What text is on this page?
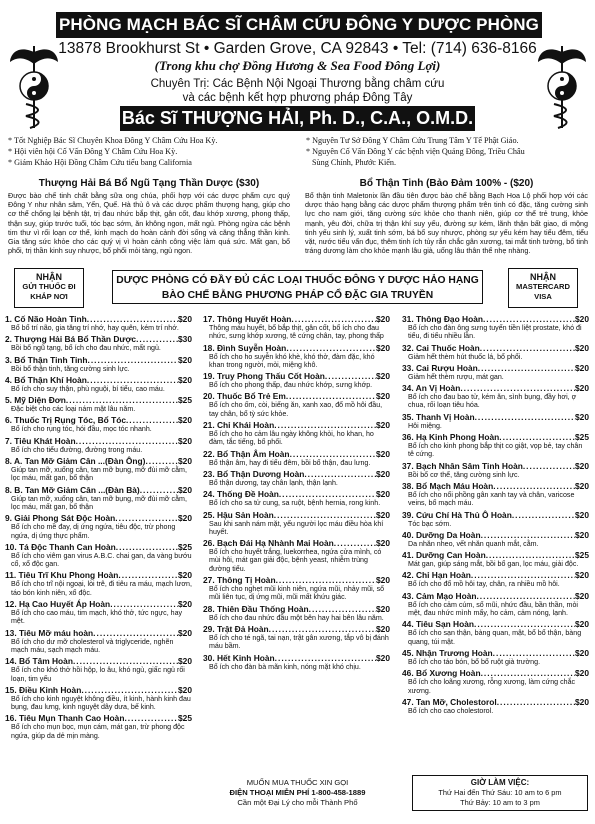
PHÒNG MẠCH BÁC SĨ CHÂM CỨU ĐÔNG Y DƯỢC PHÒNG
13878 Brookhurst St • Garden Grove, CA 92843 • Tel: (714) 636-8166
(Trong khu chợ Đồng Hương & Sea Food Đông Lợi)
Chuyên Trị: Các Bệnh Nội Ngoại Thương bằng châm cứu
và các bệnh kết hợp phương pháp Đông Tây
Bác Sĩ THƯỢNG HẢI, Ph. D., C.A., O.M.D.
* Tốt Nghiệp Bác Sĩ Chuyên Khoa Đông Y Châm Cứu Hoa Kỳ.
* Hội viên hội Cố Vấn Đông Y Châm Cứu Hoa Kỳ.
* Giám Khảo Hội Đồng Châm Cứu tiểu bang California
* Nguyên Tư Sở Đông Y Châm Cứu Trung Tâm Y Tế Phật Giáo.
* Nguyên Cố Vấn Đông Y các bệnh viện Quảng Đông, Triều Châu
Sùng Chính, Phước Kiến.
Thượng Hải Bá Bổ Ngũ Tạng Thần Dược ($30)
Được bào chế tinh chất bằng sữa ong chúa, phối hợp với các dược phẩm cực quý Đông Y như nhân sâm, Yến, Quế. Hà thủ ô và các dược phẩm thượng hạng, giúp cho cơ thể chống lại bệnh tật, trị đau nhức bắp thịt, gân cốt, đau khớp xương, phong thấp, thận suy, giúp trước tuổi, tóc bạc sớm, ăn không ngon, mất ngủ. Phòng ngừa các bệnh tim thư vì rối loạn cơ thể, kinh mạch do hoàn cảnh đời sống và căng thẳng thần kinh. Gia tăng sức khỏe cho các quý vị vì hoàn cảnh công việc làm quá sức. Mất gan, bổ phổi, trị thần kinh suy nhược, bổ phổi mỏi tàng, ngủ ngon.
Bổ Thận Tinh (Bảo Đảm 100% - ($20)
Bổ thận tinh Maletonix lần đầu tiên được bào chế bằng Bạch Hoa Lộ phối hợp với các dược thảo hạng bằng các dược phẩm thượng phẩm trên tinh có đặc, tăng cường sinh lực cho nam giới, tăng cường sức khỏe cho thanh niên, giúp cơ thể trẻ trung, khỏe mạnh, yêu đời, chữa trị thận khí suy yếu, đường sự kém, lãnh thận bất giao, di mộng tinh yếu sinh lý, xuất tinh sớm, bá bổ suy nhược, phòng sự yếu kém hay tiểu đêm, tiểu vặt, nước tiểu vẩn đục, thêm tinh ích tủy rắn chắc gân xương, tai mắt tinh tường, bổ tinh tráng dương làm cho khỏe mạnh lâu già, uống lâu thân thể nhẹ nhàng.
NHẬN
GỬI THUỐC ĐI
KHẮP NƠI
DƯỢC PHÒNG CÓ ĐẦY ĐỦ CÁC LOẠI THUỐC ĐÔNG Y DƯỢC HẢO HẠNG
BÀO CHẾ BẰNG PHƯƠNG PHÁP CỔ ĐẶC GIA TRUYỀN
NHẬN
MASTERCARD
VISA
1. Cố Não Hoàn Tinh .....	$20
Bổ bổ trí não, gia tăng trí nhớ, hay quên, kém trí nhớ.
2. Thượng Hải Bá Bổ Thần Dược .....	$30
Bồi bổ ngũ tạng, bổ ích cho đau nhức, mất ngủ.
3. Bổ Thận Tinh Tinh .....	$20
Bồi bổ thận tinh, tăng cường sinh lực.
4. Bổ Thận Khí Hoàn .....	$20
Bổ ích cho suy thận, phù nguội, bí tiểu, cao máu.
5. Mỹ Diện Đơn .....	$25
Đặc biệt cho các loại nám mặt lâu năm.
6. Thuốc Trị Rụng Tóc, Bổ Tóc .....	$20
Bổ ích cho rụng tóc, hói đầu, mọc tóc nhanh.
7. Tiêu Khát Hoàn .....	$20
Bổ ích cho tiểu đường, đường trong máu.
8. A. Tan Mỡ Giảm Cân ...(Đàn Ông) .....	$20
Giúp tan mỡ, xuống cân, tan mỡ bụng, mỡ đùi mỡ cằm, lọc máu, mất gan, bổ thận
8. B. Tan Mỡ Giảm Cân ...(Đàn Bà) .....	$20
Giúp tan mỡ, xuống cân, tan mỡ bụng, mỡ đùi mỡ cằm, lọc máu, mất gan, bổ thận
9. Giải Phong Sát Độc Hoàn .....	$20
Bổ ích cho mề đay, dị ứng ngứa, tiêu độc, trừ phong ngứa, dị ứng thực phẩm.
10. Tá Độc Thanh Can Hoàn .....	$25
Bổ ích cho viêm gan virus A.B.C. chai gan, da vàng bướu cổ, xổ độc gan.
11. Tiêu Trĩ Khu Phong Hoàn .....	$20
Bổ ích cho trĩ nội ngoại, lòi trê, đi tiêu ra máu, mạch lươn, táo bón kinh niên, xổ độc.
12. Hạ Cao Huyết Áp Hoàn .....	$20
Bổ ích cho cao máu, tim mạch, khó thở, tức ngực, hay mệt.
13. Tiêu Mỡ máu hoàn .....	$20
Bổ ích cho dư mỡ cholesterol và triglyceride, nghẽn mạch máu, sạch mạch máu.
14. Bổ Tâm Hoàn .....	$20
Bổ ích cho khó thở hồi hộp, lo âu, khó ngủ, giấc ngủ rối loạn, tim yếu
15. Điều Kinh Hoàn .....	$20
Bổ ích cho kinh nguyệt không điều, ít kinh, hành kinh đau bụng, đau lưng, kinh nguyệt dây dưa, bế kinh.
16. Tiêu Mụn Thanh Cao Hoàn .....	$25
Bổ ích cho mụn bọc, mụn cám, mát gan, trừ phong độc ngứa, giúp da dẻ mịn màng.
17. Thông Huyết Hoàn .....	$20
Thông máu huyết, bổ bắp thịt, gân cốt, bổ ích cho đau nhức, sưng khớp xương, tê cứng chân, tay, phong thấp
18. Đình Suyễn Hoàn .....	$20
Bổ ích cho ho suyễn khó khè, khó thở, đàm đặc, khó khan trong người, mỏi, miệng khô.
19. Truy Phong Thấu Cốt Hoàn .....	$20
Bổ ích cho phong thấp, đau nhức khớp, sưng khớp.
20. Thuốc Bổ Trẻ Em .....	$20
Bổ ích cho ốm, còi, biếng ăn, xanh xao, đổ mồ hôi đầu, tay chân, bổ tỳ sức khỏe.
21. Chỉ Khái Hoàn .....	$20
Bổ ích cho ho cảm lâu ngày không khỏi, ho khan, ho đàm, tắc tiếng, bổ phổi.
22. Bổ Thận Âm Hoàn .....	$20
Bổ thận âm, hay đi tiểu đêm, bồi bổ thận, đau lưng.
23. Bổ Thận Dương Hoàn .....	$20
Bổ thận dương, tay chân lạnh, thận lạnh.
24. Thống Đề Hoàn .....	$20
Bổ ích cho sa tử cung, sa ruột, bệnh hernia, rong kinh.
25. Hậu Sản Hoàn .....	$20
Sau khi sanh nám mặt, yếu người lọc máu điều hòa khí huyết.
26. Bạch Đái Hạ Nhành Mai Hoàn .....	$20
Bổ ích cho huyết trắng, luekorrhea, ngứa cửa mình, có mùi hôi, mát gan giải độc, bệnh yeast, nhiễm trùng đường tiểu.
27. Thông Tị Hoàn .....	$20
Bổ ích cho nghẹt mũi kinh niên, ngứa mũi, nhảy mũi, sổ mũi liên tục, dị ứng mũi, mũi mất khứu giác.
28. Thiên Đầu Thống Hoàn .....	$20
Bổ ích cho đau nhức đầu một bên hay hai bên lâu năm.
29. Trật Đả Hoàn .....	$20
Bổ ích cho té ngã, tai nạn, trật gân xương, tắp vô bị đánh máu bầm.
30. Hết Kinh Hoàn .....	$20
Bổ ích cho đàn bà mãn kinh, nóng mặt khó chịu.
31. Thông Đạo Hoàn .....	$20
Bổ ích cho đàn ông sưng tuyến tiền liệt prostate, khó đi tiểu, đi tiểu nhiều lần.
32. Cai Thuốc Hoàn .....	$20
Giảm hết thèm hút thuốc lá, bổ phổi.
33. Cai Rượu Hoàn .....	$20
Giảm hết thèm rượu, mát gan.
34. An Vị Hoàn .....	$20
Bổ ích cho đau bao tử, kém ăn, sình bụng, đầy hơi, ợ chua, rối loạn tiêu hóa.
35. Thanh Vị Hoàn .....	$20
Hôi miệng.
36. Hạ Kinh Phong Hoàn .....	$25
Bổ ích cho kinh phong bắp thịt co giật, vọp bẻ, tay chân tê cứng.
37. Bạch Nhân Sâm Tinh Hoàn .....	$20
Bồi bổ cơ thể, tăng cường sinh lực.
38. Bổ Mạch Máu Hoàn .....	$20
Bổ ích cho nổi phồng gân xanh tay và chân, varicose veins, bổ mạch máu.
39. Cứu Chí Hà Thủ Ô Hoàn .....	$20
Tóc bạc sớm.
40. Dưỡng Da Hoàn .....	$20
Da nhăn nheo, vết nhăn quanh mắt, cằm.
41. Dưỡng Can Hoàn .....	$25
Mát gan, giúp sáng mắt, bồi bổ gan, lọc máu, giải độc.
42. Chỉ Hạn Hoàn .....	$20
Bổ ích cho đổ mồ hôi tay, chân, ra nhiều mồ hôi.
43. Cảm Mạo Hoàn .....	$20
Bổ ích cho cảm cúm, sổ mũi, nhức đầu, bần thần, mỏi mệt, đau nhức mình mẩy, ho cảm, cảm nóng, lạnh.
44. Tiêu Sạn Hoàn .....	$20
Bổ ích cho sạn thận, bàng quan, mật, bổ bổ thận, bàng quang, túi mật.
45. Nhận Trương Hoàn .....	$20
Bổ ích cho táo bón, bổ bổ ruột già trường.
46. Bổ Xương Hoàn .....	$20
Bổ ích cho loãng xương, rỗng xương, làm cứng chắc xương.
47. Tan Mỡ, Cholestorol .....	$20
Bổ ích cho cao cholestorol.
MUỐN MUA THUỐC XIN GỌI
ĐIỆN THOẠI MIỄN PHÍ 1-800-458-1889
Cần một Đại Lý cho mỗi Thành Phố
GIỜ LÀM VIỆC:
Thứ Hai đến Thứ Sáu: 10 am to 6 pm
Thứ Bảy: 10 am to 3 pm
